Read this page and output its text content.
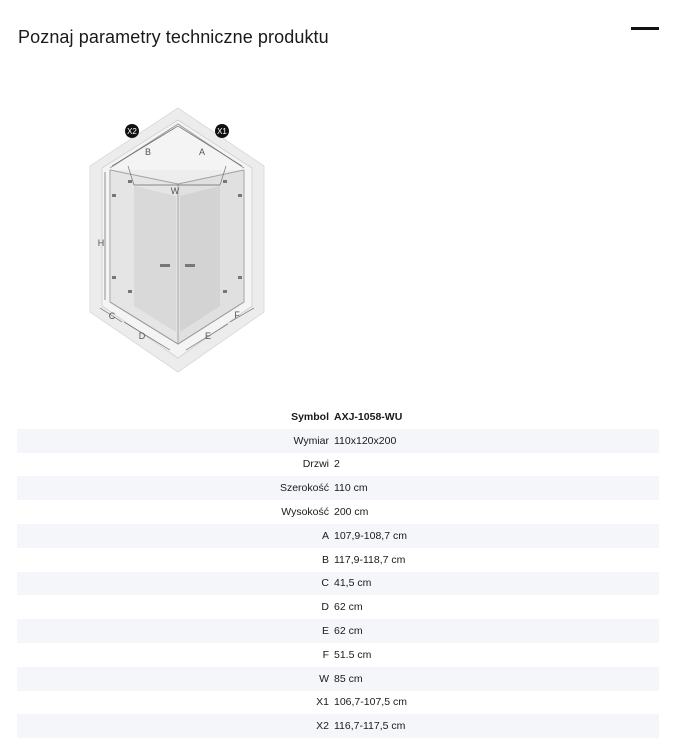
Poznaj parametry techniczne produktu
X2	X1
B	A
W
H
C
D	E
F
Symbol AXJ-1058-WU
Wymiar 110x120x200
Drzwi 2
Szerokość 110 cm
Wysokość 200 cm
A 107,9-108,7 cm
B 117,9-118,7 cm
C 41,5 cm
D 62 cm
E 62 cm
F 51.5 cm
W 85 cm
X1 106,7-107,5 cm
X2 116,7-117,5 cm
